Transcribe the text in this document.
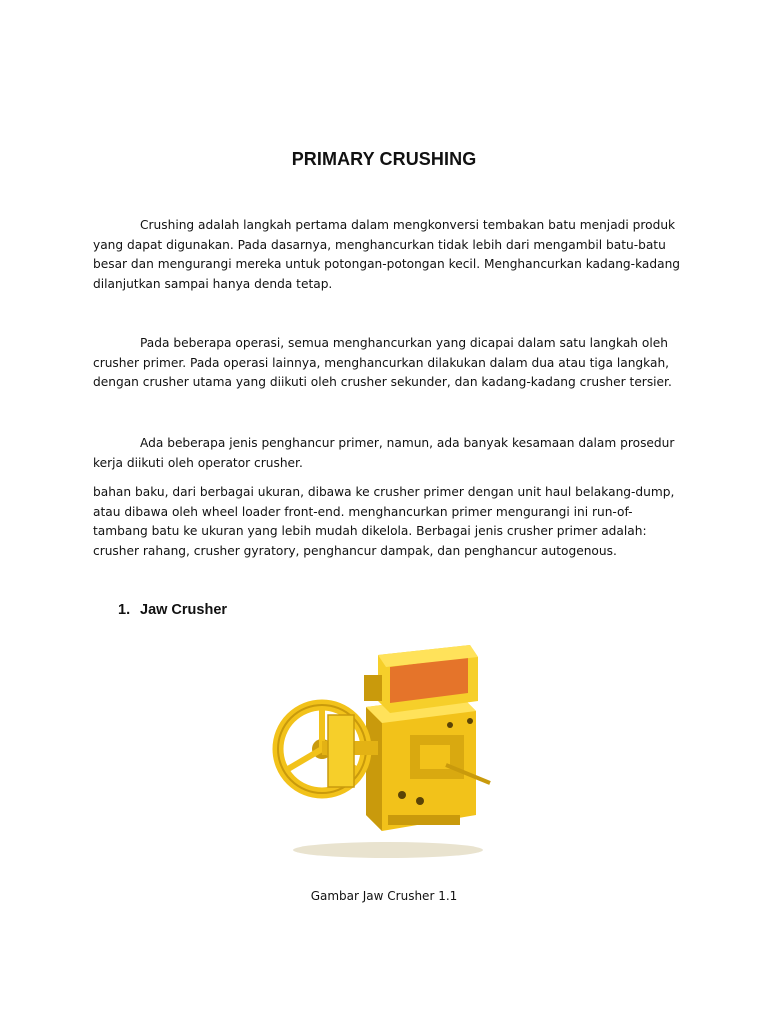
PRIMARY CRUSHING

Crushing adalah langkah pertama dalam mengkonversi tembakan batu menjadi produk yang dapat digunakan. Pada dasarnya, menghancurkan tidak lebih dari mengambil batu-batu besar dan mengurangi mereka untuk potongan-potongan kecil. Menghancurkan kadang-kadang dilanjutkan sampai hanya denda tetap.

Pada beberapa operasi, semua menghancurkan yang dicapai dalam satu langkah oleh crusher primer. Pada operasi lainnya, menghancurkan dilakukan dalam dua atau tiga langkah, dengan crusher utama yang diikuti oleh crusher sekunder, dan kadang-kadang crusher tersier.

Ada beberapa jenis penghancur primer, namun, ada banyak kesamaan dalam prosedur kerja diikuti oleh operator crusher.

bahan baku, dari berbagai ukuran, dibawa ke crusher primer dengan unit haul belakang-dump, atau dibawa oleh wheel loader front-end. menghancurkan primer mengurangi ini run-of-tambang batu ke ukuran yang lebih mudah dikelola. Berbagai jenis crusher primer adalah: crusher rahang, crusher gyratory, penghancur dampak, dan penghancur autogenous.

1. Jaw Crusher
Gambar Jaw Crusher 1.1
